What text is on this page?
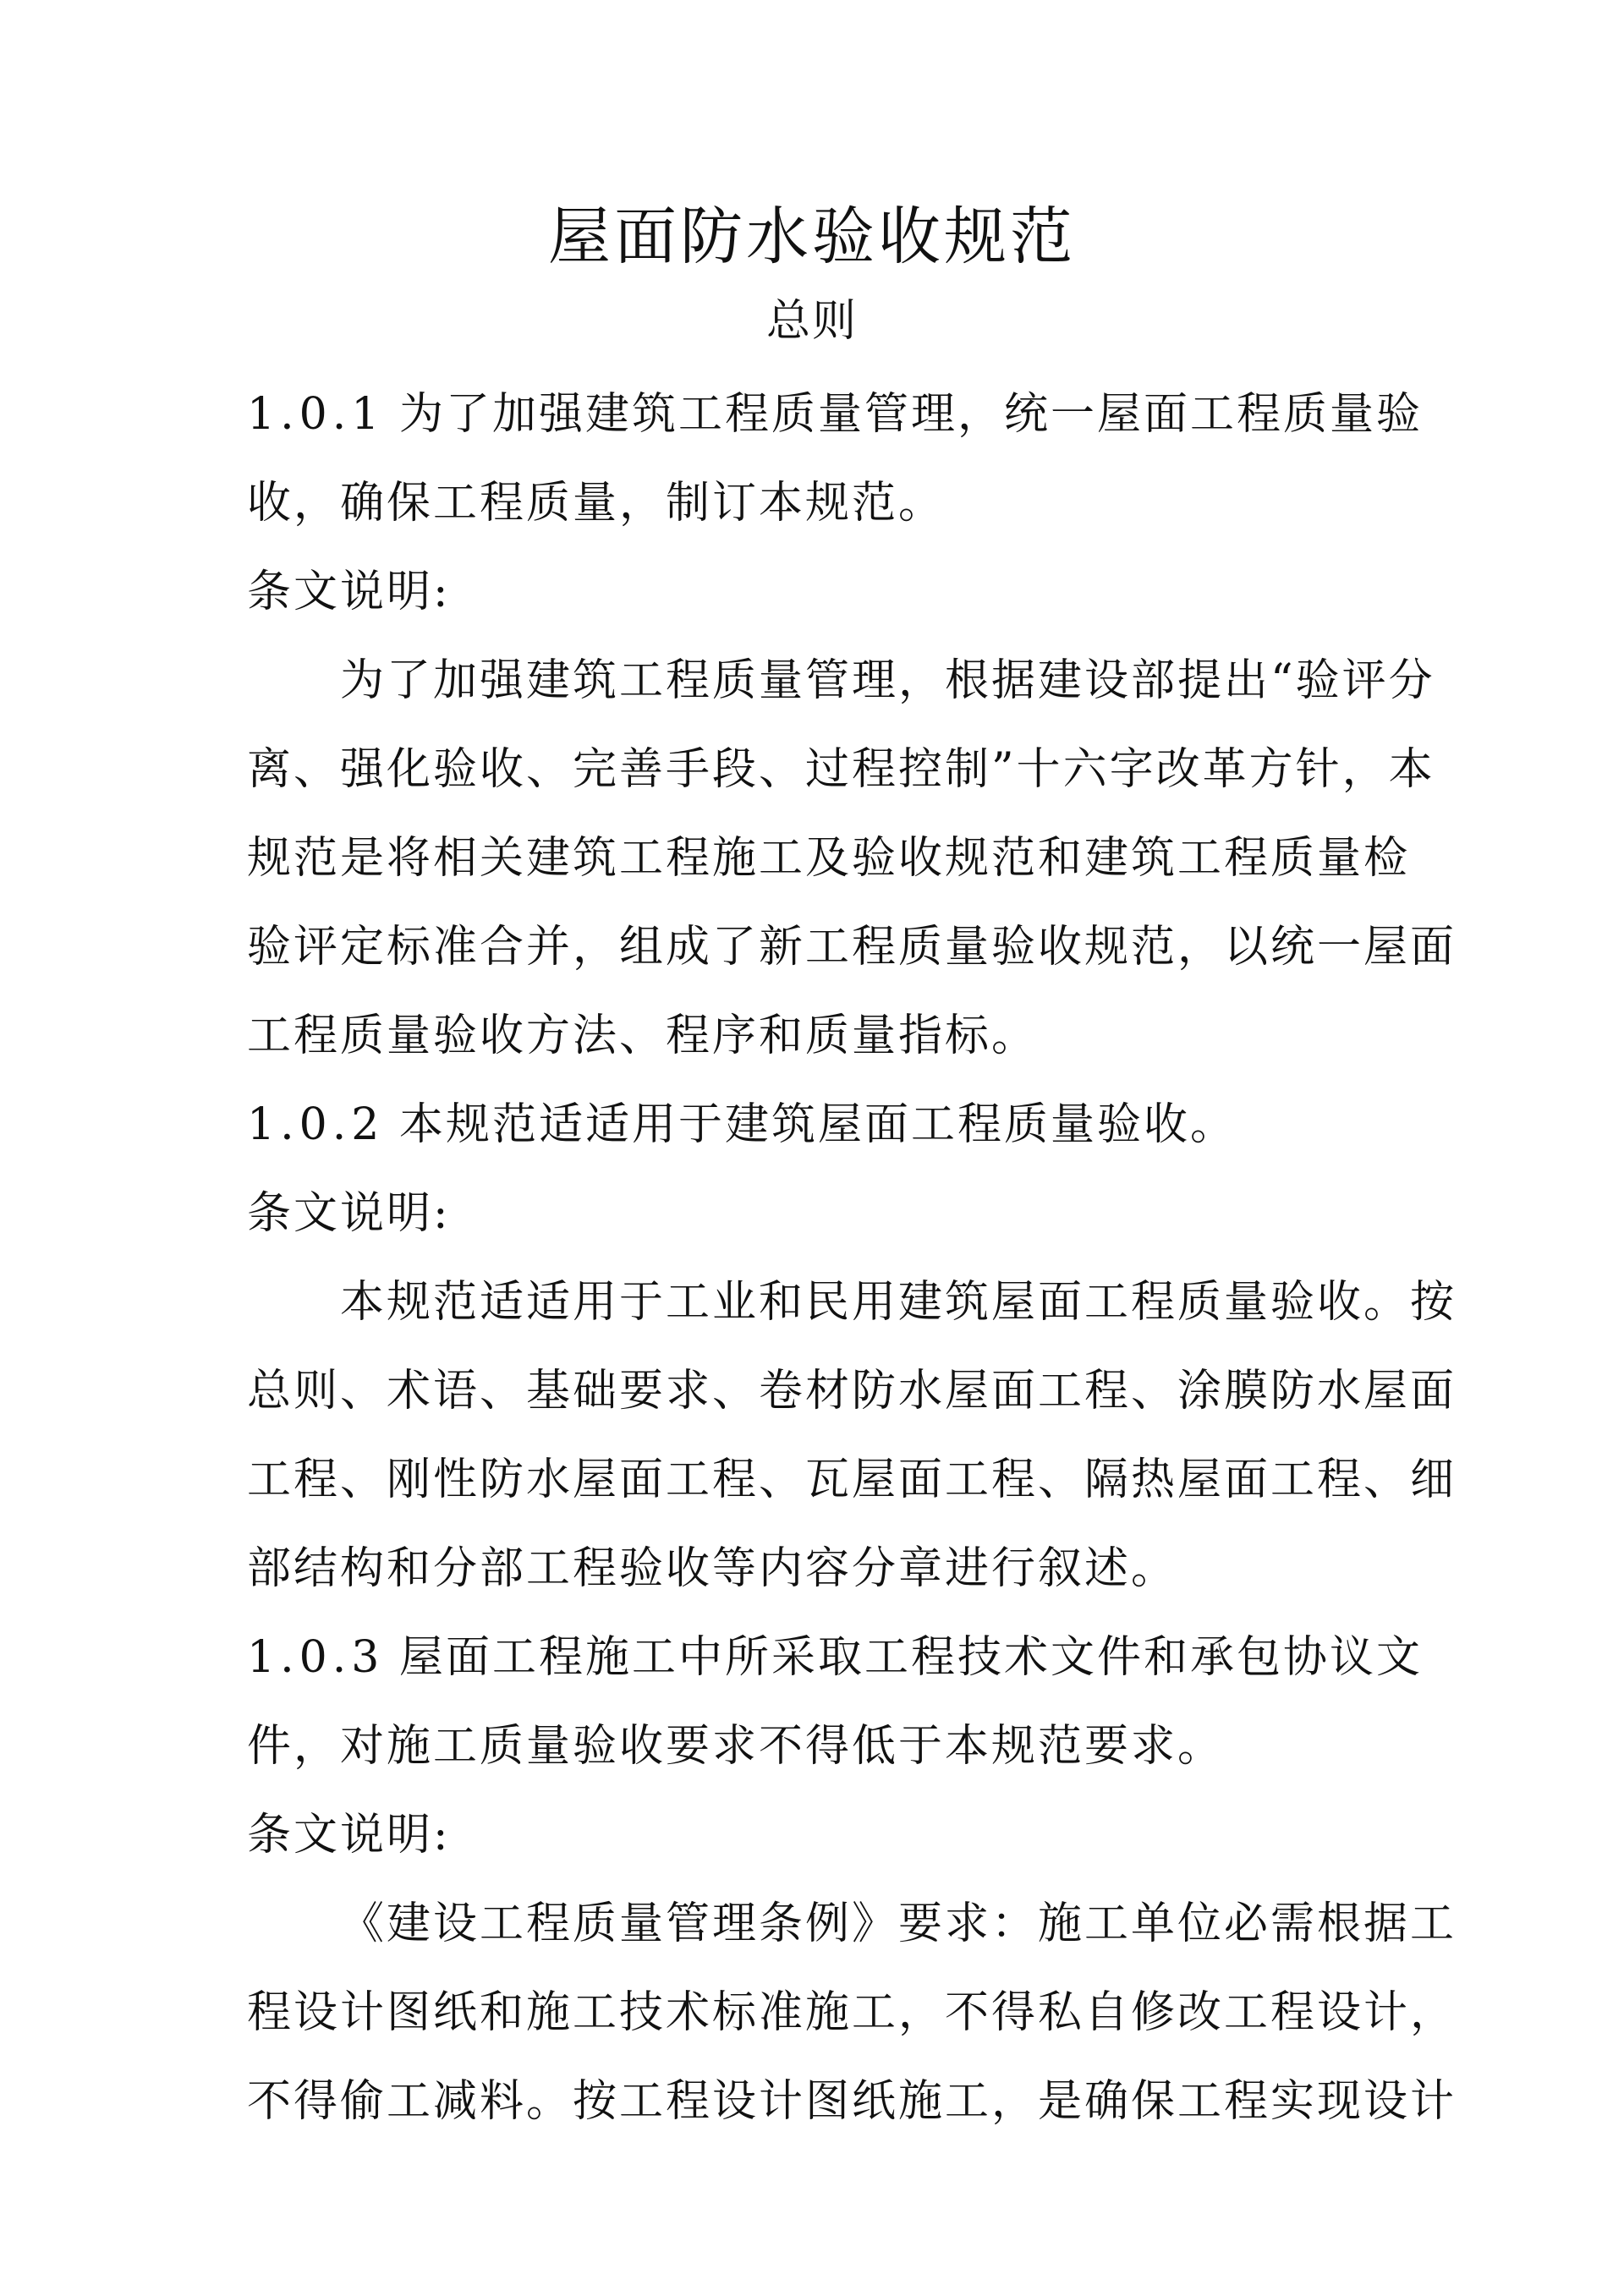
屋面防水验收规范
总则
1.0.1 为了加强建筑工程质量管理，统一屋面工程质量验
收，确保工程质量，制订本规范。
条文说明:
为了加强建筑工程质量管理，根据建设部提出“验评分
离、强化验收、完善手段、过程控制”十六字改革方针，本
规范是将相关建筑工程施工及验收规范和建筑工程质量检
验评定标准合并，组成了新工程质量验收规范，以统一屋面
工程质量验收方法、程序和质量指标。
1.0.2 本规范适适用于建筑屋面工程质量验收。
条文说明:
本规范适适用于工业和民用建筑屋面工程质量验收。按
总则、术语、基础要求、卷材防水屋面工程、涂膜防水屋面
工程、刚性防水屋面工程、瓦屋面工程、隔热屋面工程、细
部结构和分部工程验收等内容分章进行叙述。
1.0.3 屋面工程施工中所采取工程技术文件和承包协议文
件，对施工质量验收要求不得低于本规范要求。
条文说明:
《建设工程质量管理条例》要求：施工单位必需根据工
程设计图纸和施工技术标准施工，不得私自修改工程设计，
不得偷工减料。按工程设计图纸施工，是确保工程实现设计
